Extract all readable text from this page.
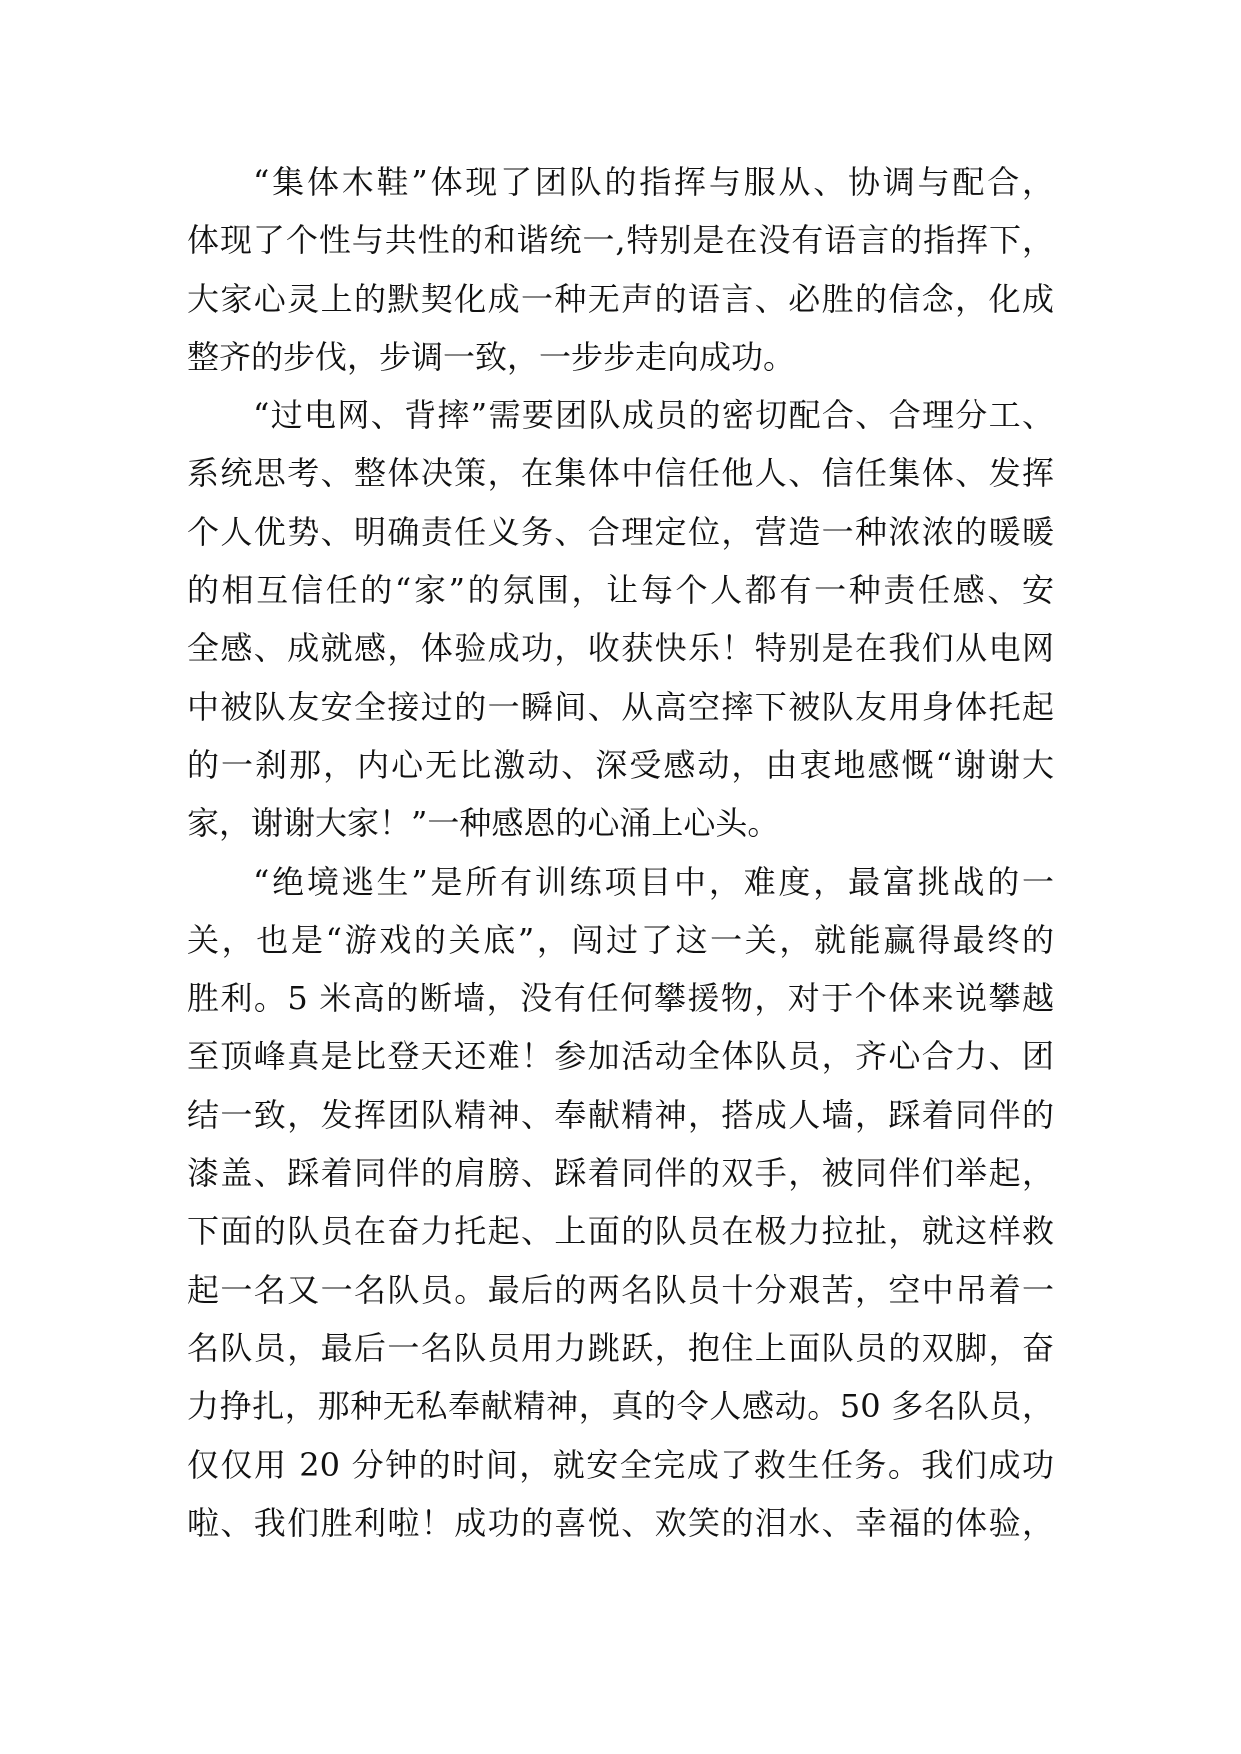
“集体木鞋”体现了团队的指挥与服从、协调与配合，
体现了个性与共性的和谐统一,特别是在没有语言的指挥下，
大家心灵上的默契化成一种无声的语言、必胜的信念，化成
整齐的步伐，步调一致，一步步走向成功。
“过电网、背摔”需要团队成员的密切配合、合理分工、
系统思考、整体决策，在集体中信任他人、信任集体、发挥
个人优势、明确责任义务、合理定位，营造一种浓浓的暖暖
的相互信任的“家”的氛围，让每个人都有一种责任感、安
全感、成就感，体验成功，收获快乐！特别是在我们从电网
中被队友安全接过的一瞬间、从高空摔下被队友用身体托起
的一刹那，内心无比激动、深受感动，由衷地感慨“谢谢大
家，谢谢大家！”一种感恩的心涌上心头。
“绝境逃生”是所有训练项目中，难度，最富挑战的一
关，也是“游戏的关底”，闯过了这一关，就能赢得最终的
胜利。5 米高的断墙，没有任何攀援物，对于个体来说攀越
至顶峰真是比登天还难！参加活动全体队员，齐心合力、团
结一致，发挥团队精神、奉献精神，搭成人墙，踩着同伴的
漆盖、踩着同伴的肩膀、踩着同伴的双手，被同伴们举起，
下面的队员在奋力托起、上面的队员在极力拉扯，就这样救
起一名又一名队员。最后的两名队员十分艰苦，空中吊着一
名队员，最后一名队员用力跳跃，抱住上面队员的双脚，奋
力挣扎，那种无私奉献精神，真的令人感动。50 多名队员，
仅仅用 20 分钟的时间，就安全完成了救生任务。我们成功
啦、我们胜利啦！成功的喜悦、欢笑的泪水、幸福的体验，
